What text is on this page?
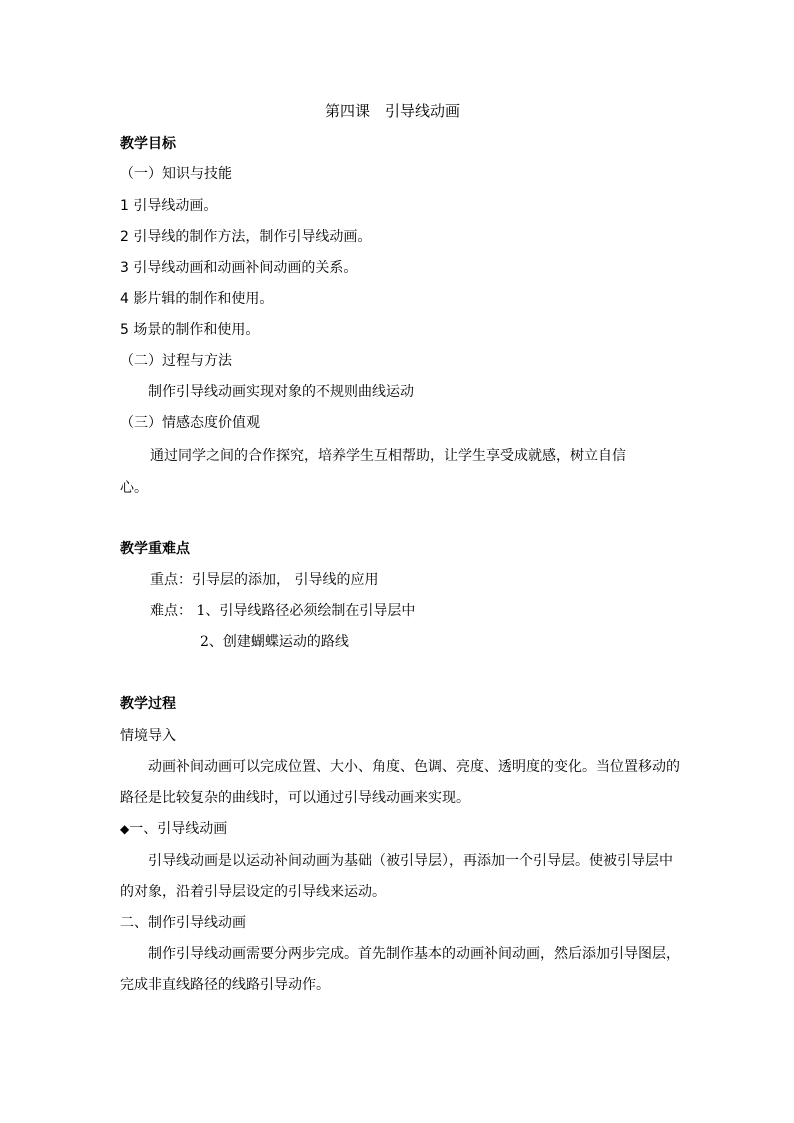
第四课　引导线动画
教学目标
（一）知识与技能
1 引导线动画。
2 引导线的制作方法，制作引导线动画。
3 引导线动画和动画补间动画的关系。
4 影片辑的制作和使用。
5 场景的制作和使用。
（二）过程与方法
制作引导线动画实现对象的不规则曲线运动
（三）情感态度价值观
通过同学之间的合作探究，培养学生互相帮助，让学生享受成就感，树立自信
心。
教学重难点
重点：引导层的添加， 引导线的应用
难点： 1、引导线路径必须绘制在引导层中
2、创建蝴蝶运动的路线
教学过程
情境导入
动画补间动画可以完成位置、大小、角度、色调、亮度、透明度的变化。当位置移动的
路径是比较复杂的曲线时，可以通过引导线动画来实现。
◆一、引导线动画
引导线动画是以运动补间动画为基础（被引导层），再添加一个引导层。使被引导层中
的对象，沿着引导层设定的引导线来运动。
二、制作引导线动画
制作引导线动画需要分两步完成。首先制作基本的动画补间动画，然后添加引导图层，
完成非直线路径的线路引导动作。
